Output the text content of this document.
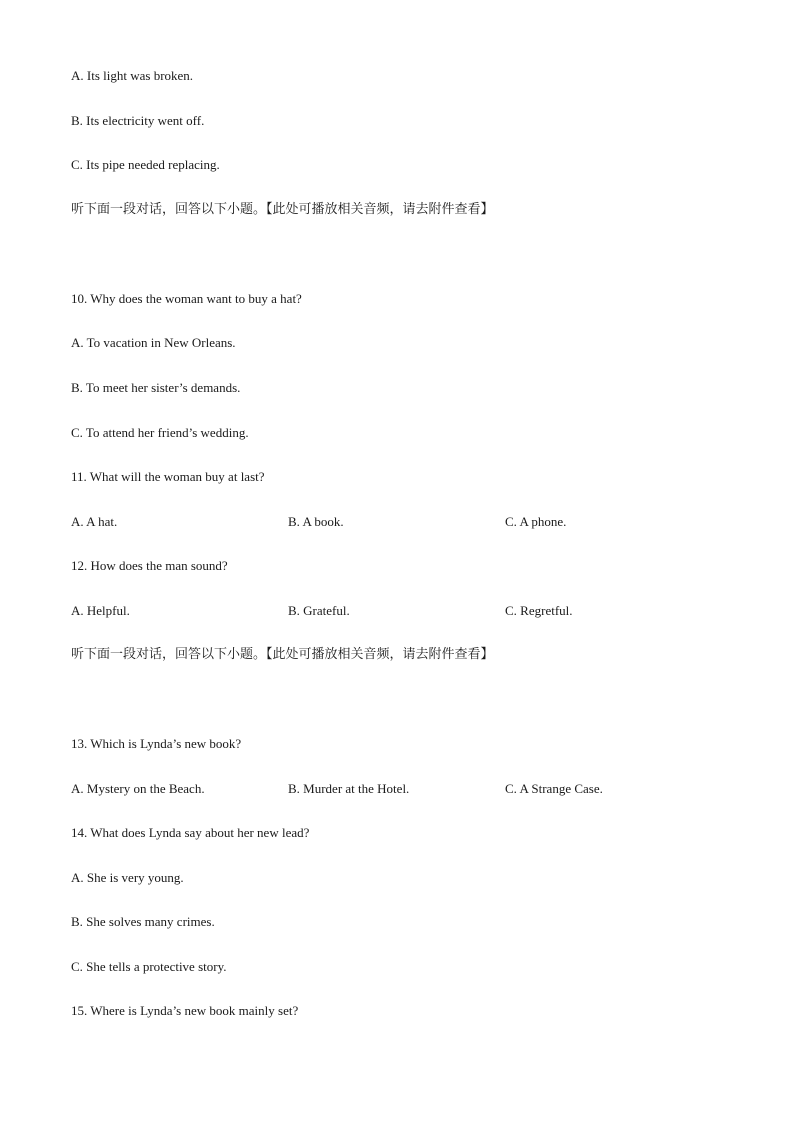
A. Its light was broken.
B. Its electricity went off.
C. Its pipe needed replacing.
听下面一段对话，回答以下小题。【此处可播放相关音频，请去附件查看】
10. Why does the woman want to buy a hat?
A. To vacation in New Orleans.
B. To meet her sister’s demands.
C. To attend her friend’s wedding.
11. What will the woman buy at last?
A. A hat.	B. A book.	C. A phone.
12. How does the man sound?
A. Helpful.	B. Grateful.	C. Regretful.
听下面一段对话，回答以下小题。【此处可播放相关音频，请去附件查看】
13. Which is Lynda’s new book?
A. Mystery on the Beach.	B. Murder at the Hotel.	C. A Strange Case.
14. What does Lynda say about her new lead?
A. She is very young.
B. She solves many crimes.
C. She tells a protective story.
15. Where is Lynda’s new book mainly set?
